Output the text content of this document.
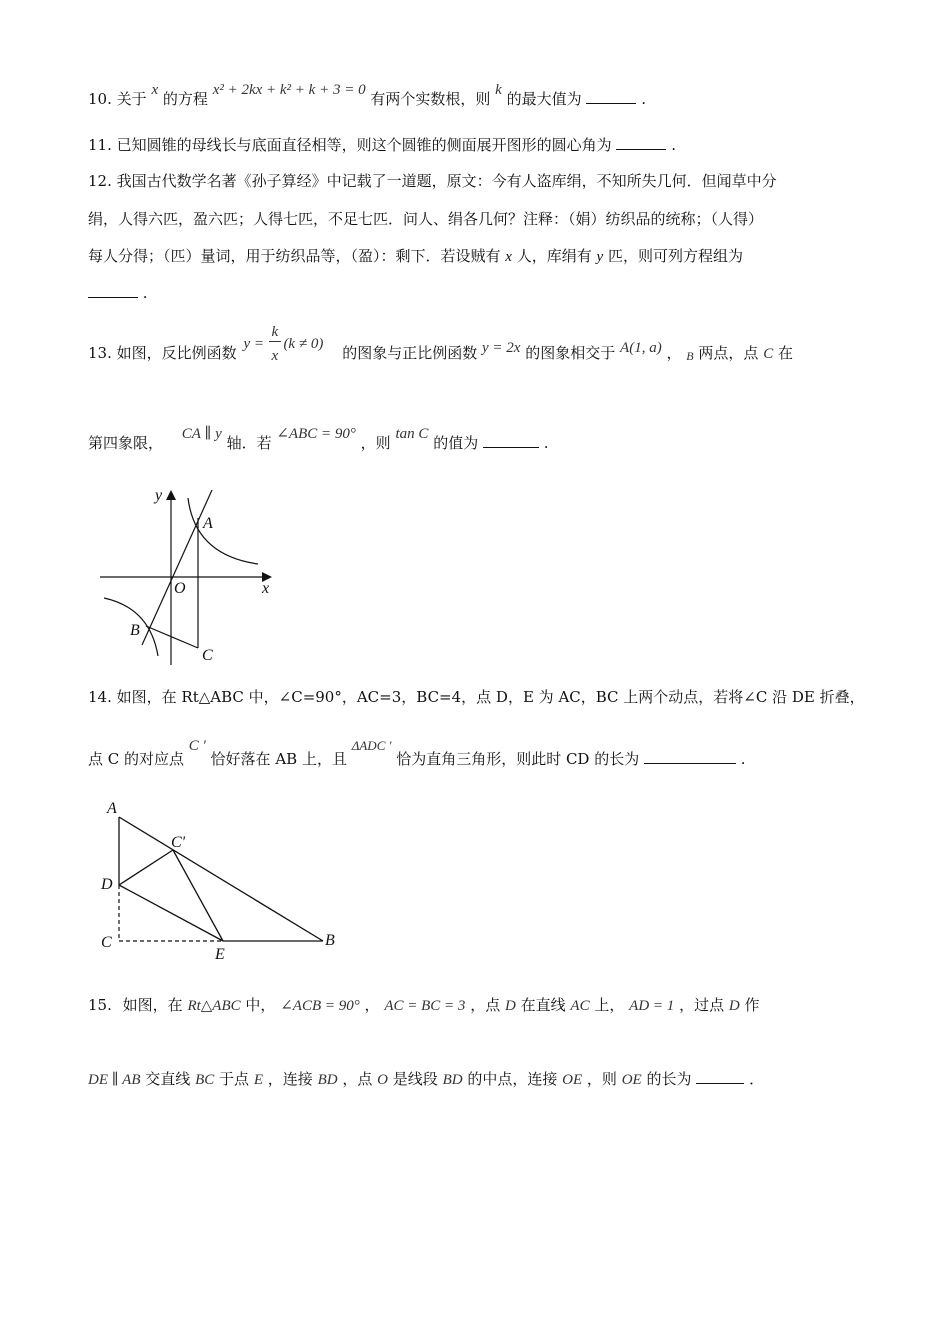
10. 关于 x 的方程 x² + 2kx + k² + k + 3 = 0 有两个实数根，则 k 的最大值为	.
11. 已知圆锥的母线长与底面直径相等，则这个圆锥的侧面展开图形的圆心角为	.
12. 我国古代数学名著《孙子算经》中记载了一道题，原文：今有人盗库绢，不知所失几何．但闻草中分
绢，人得六匹，盈六匹；人得七匹，不足七匹．问人、绢各几何？注释：（娟）纺织品的统称；（人得）
每人分得；（匹）量词，用于纺织品等，（盈）：剩下．若设贼有 x 人，库绢有 y 匹，则可列方程组为
.
13. 如图，反比例函数 y =
k
x
(k ≠ 0) 的图象与正比例函数 y = 2x 的图象相交于 A(1, a) ， B 两点，点 C 在
第四象限， CA ∥ y 轴．若 ∠ABC = 90° ，则 tan C 的值为	.
y
A
O	x
B
C
14. 如图，在 Rt△ABC 中，∠C=90°，AC=3，BC=4，点 D，E 为 AC，BC 上两个动点，若将∠C 沿 DE 折叠，
点 C 的对应点 C ' 恰好落在 AB 上，且 ΔADC ' 恰为直角三角形，则此时 CD 的长为	.
A
C′
D
C
E
B
15. 如图，在 Rt△ABC 中， ∠ACB = 90° ， AC = BC = 3 ，点 D 在直线 AC 上， AD = 1 ，过点 D 作
DE ∥ AB 交直线 BC 于点 E ，连接 BD ，点 O 是线段 BD 的中点，连接 OE ，则 OE 的长为	．
